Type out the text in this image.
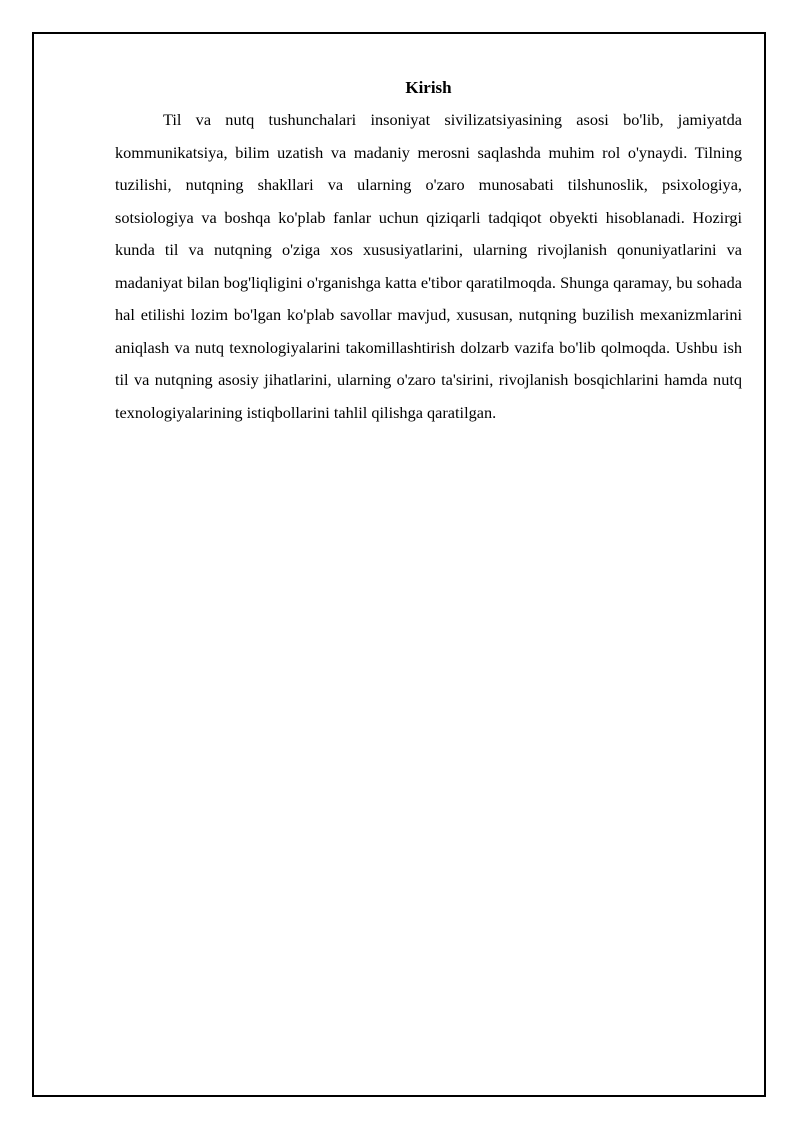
Kirish

Til va nutq tushunchalari insoniyat sivilizatsiyasining asosi bo'lib, jamiyatda kommunikatsiya, bilim uzatish va madaniy merosni saqlashda muhim rol o'ynaydi. Tilning tuzilishi, nutqning shakllari va ularning o'zaro munosabati tilshunoslik, psixologiya, sotsiologiya va boshqa ko'plab fanlar uchun qiziqarli tadqiqot obyekti hisoblanadi. Hozirgi kunda til va nutqning o'ziga xos xususiyatlarini, ularning rivojlanish qonuniyatlarini va madaniyat bilan bog'liqligini o'rganishga katta e'tibor qaratilmoqda. Shunga qaramay, bu sohada hal etilishi lozim bo'lgan ko'plab savollar mavjud, xususan, nutqning buzilish mexanizmlarini aniqlash va nutq texnologiyalarini takomillashtirish dolzarb vazifa bo'lib qolmoqda. Ushbu ish til va nutqning asosiy jihatlarini, ularning o'zaro ta'sirini, rivojlanish bosqichlarini hamda nutq texnologiyalarining istiqbollarini tahlil qilishga qaratilgan.
